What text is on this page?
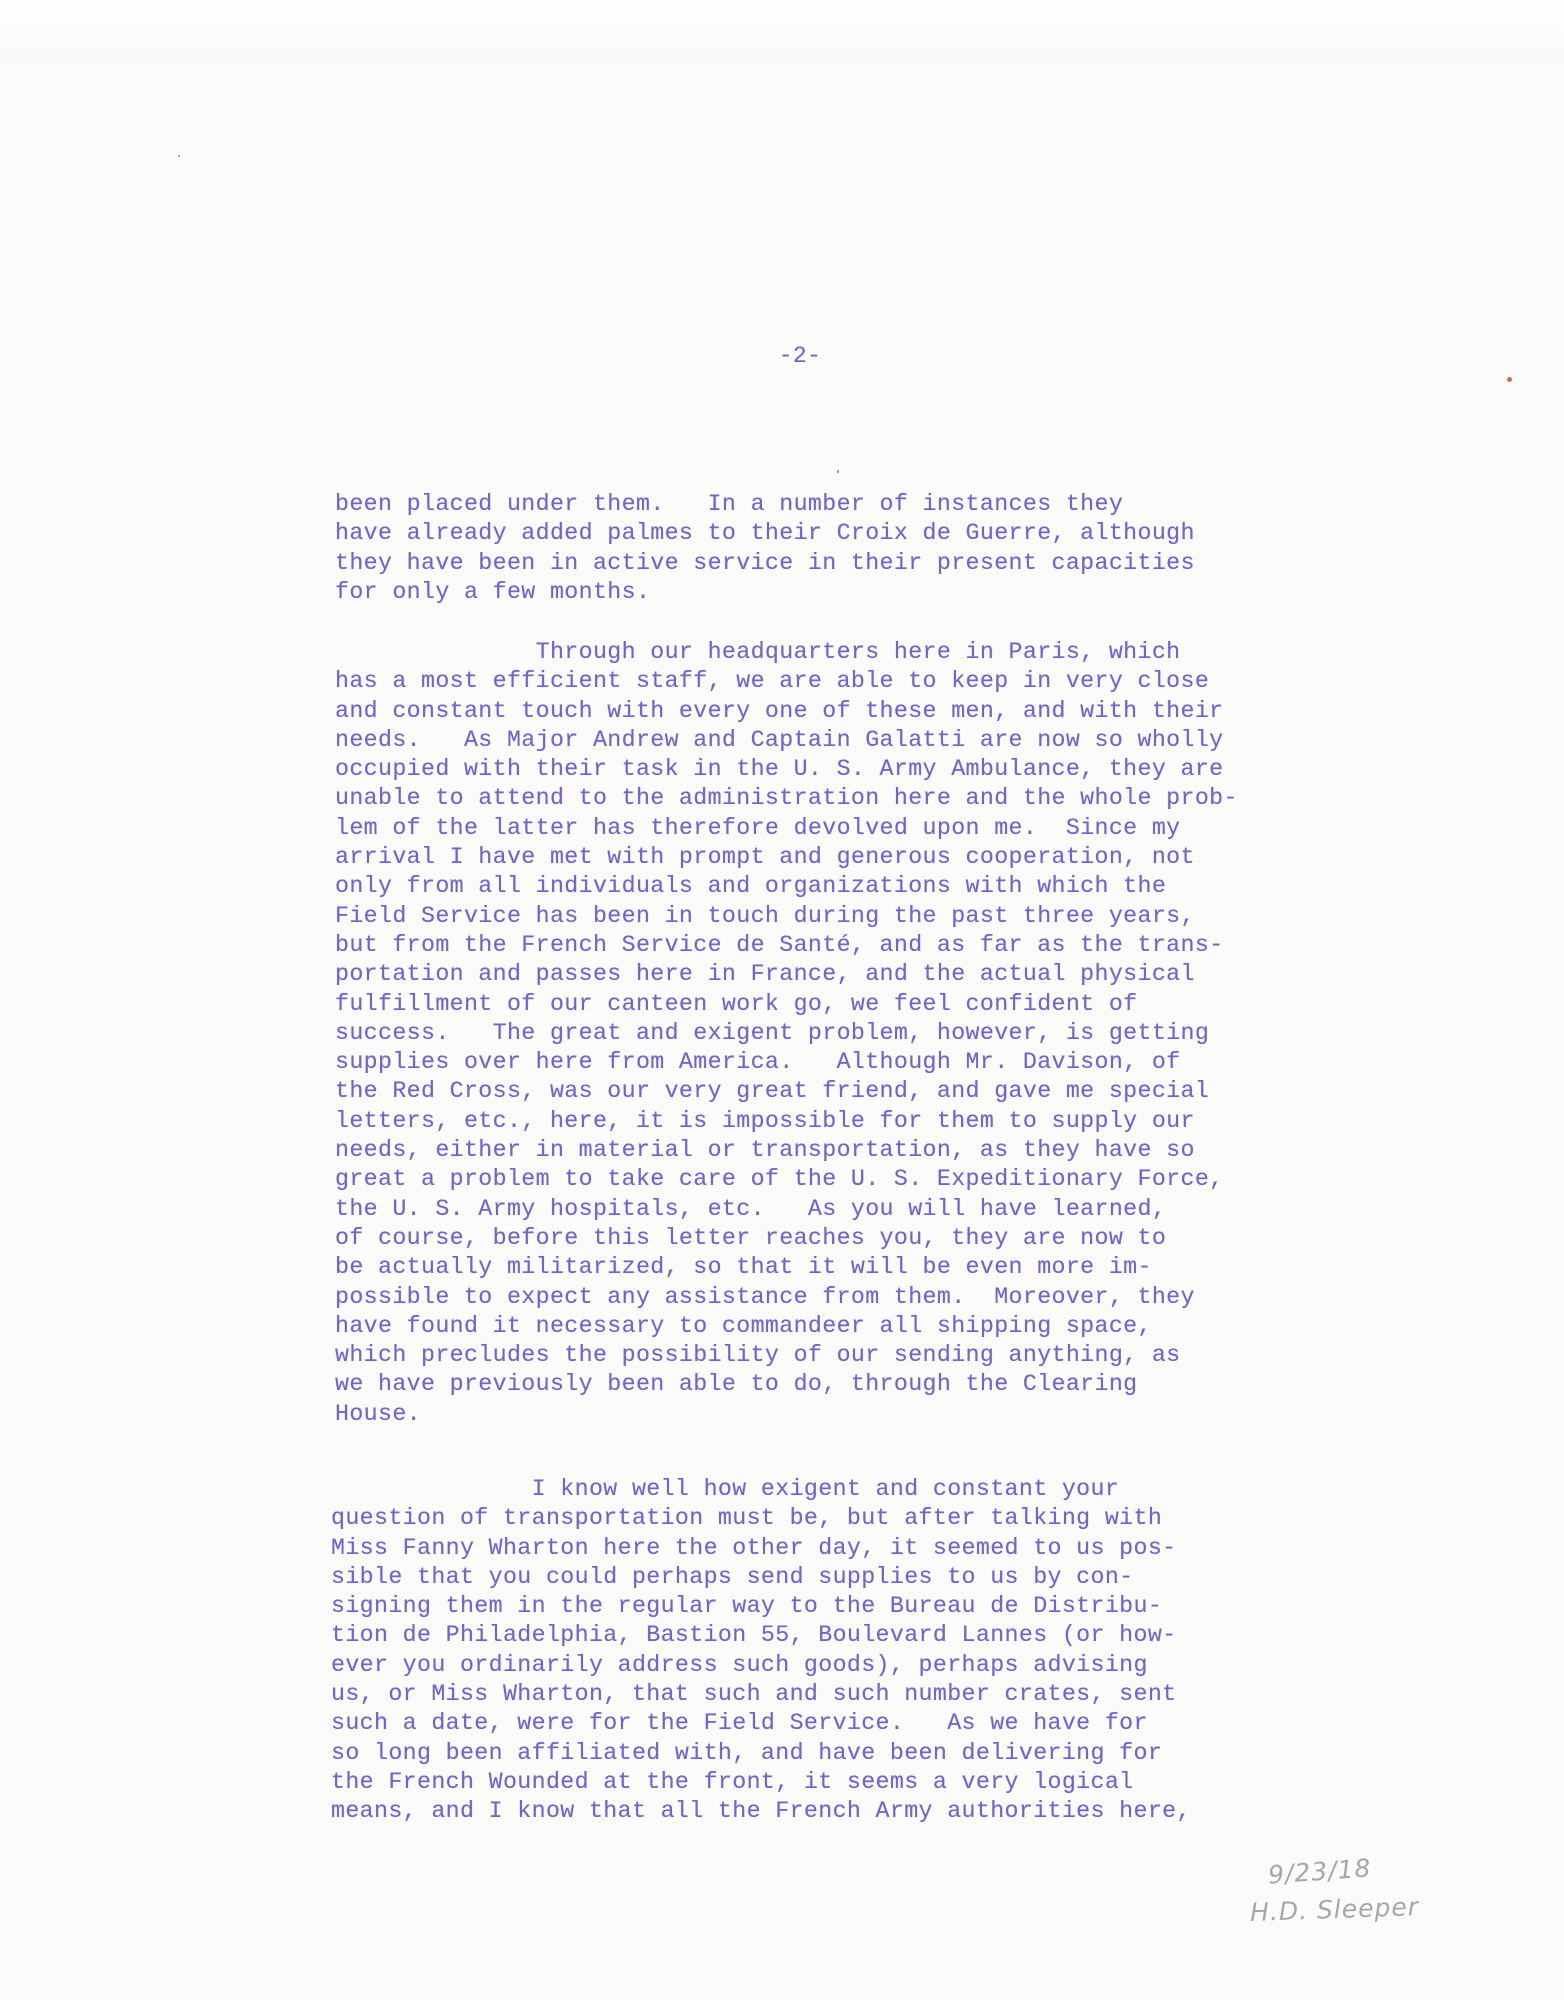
-2-
been placed under them.   In a number of instances they
have already added palmes to their Croix de Guerre, although
they have been in active service in their present capacities
for only a few months.
Through our headquarters here in Paris, which
has a most efficient staff, we are able to keep in very close
and constant touch with every one of these men, and with their
needs.   As Major Andrew and Captain Galatti are now so wholly
occupied with their task in the U. S. Army Ambulance, they are
unable to attend to the administration here and the whole prob-
lem of the latter has therefore devolved upon me.  Since my
arrival I have met with prompt and generous cooperation, not
only from all individuals and organizations with which the
Field Service has been in touch during the past three years,
but from the French Service de Santé, and as far as the trans-
portation and passes here in France, and the actual physical
fulfillment of our canteen work go, we feel confident of
success.   The great and exigent problem, however, is getting
supplies over here from America.   Although Mr. Davison, of
the Red Cross, was our very great friend, and gave me special
letters, etc., here, it is impossible for them to supply our
needs, either in material or transportation, as they have so
great a problem to take care of the U. S. Expeditionary Force,
the U. S. Army hospitals, etc.   As you will have learned,
of course, before this letter reaches you, they are now to
be actually militarized, so that it will be even more im-
possible to expect any assistance from them.  Moreover, they
have found it necessary to commandeer all shipping space,
which precludes the possibility of our sending anything, as
we have previously been able to do, through the Clearing
House.
I know well how exigent and constant your
question of transportation must be, but after talking with
Miss Fanny Wharton here the other day, it seemed to us pos-
sible that you could perhaps send supplies to us by con-
signing them in the regular way to the Bureau de Distribu-
tion de Philadelphia, Bastion 55, Boulevard Lannes (or how-
ever you ordinarily address such goods), perhaps advising
us, or Miss Wharton, that such and such number crates, sent
such a date, were for the Field Service.   As we have for
so long been affiliated with, and have been delivering for
the French Wounded at the front, it seems a very logical
means, and I know that all the French Army authorities here,
9/23/18
H.D. Sleeper
